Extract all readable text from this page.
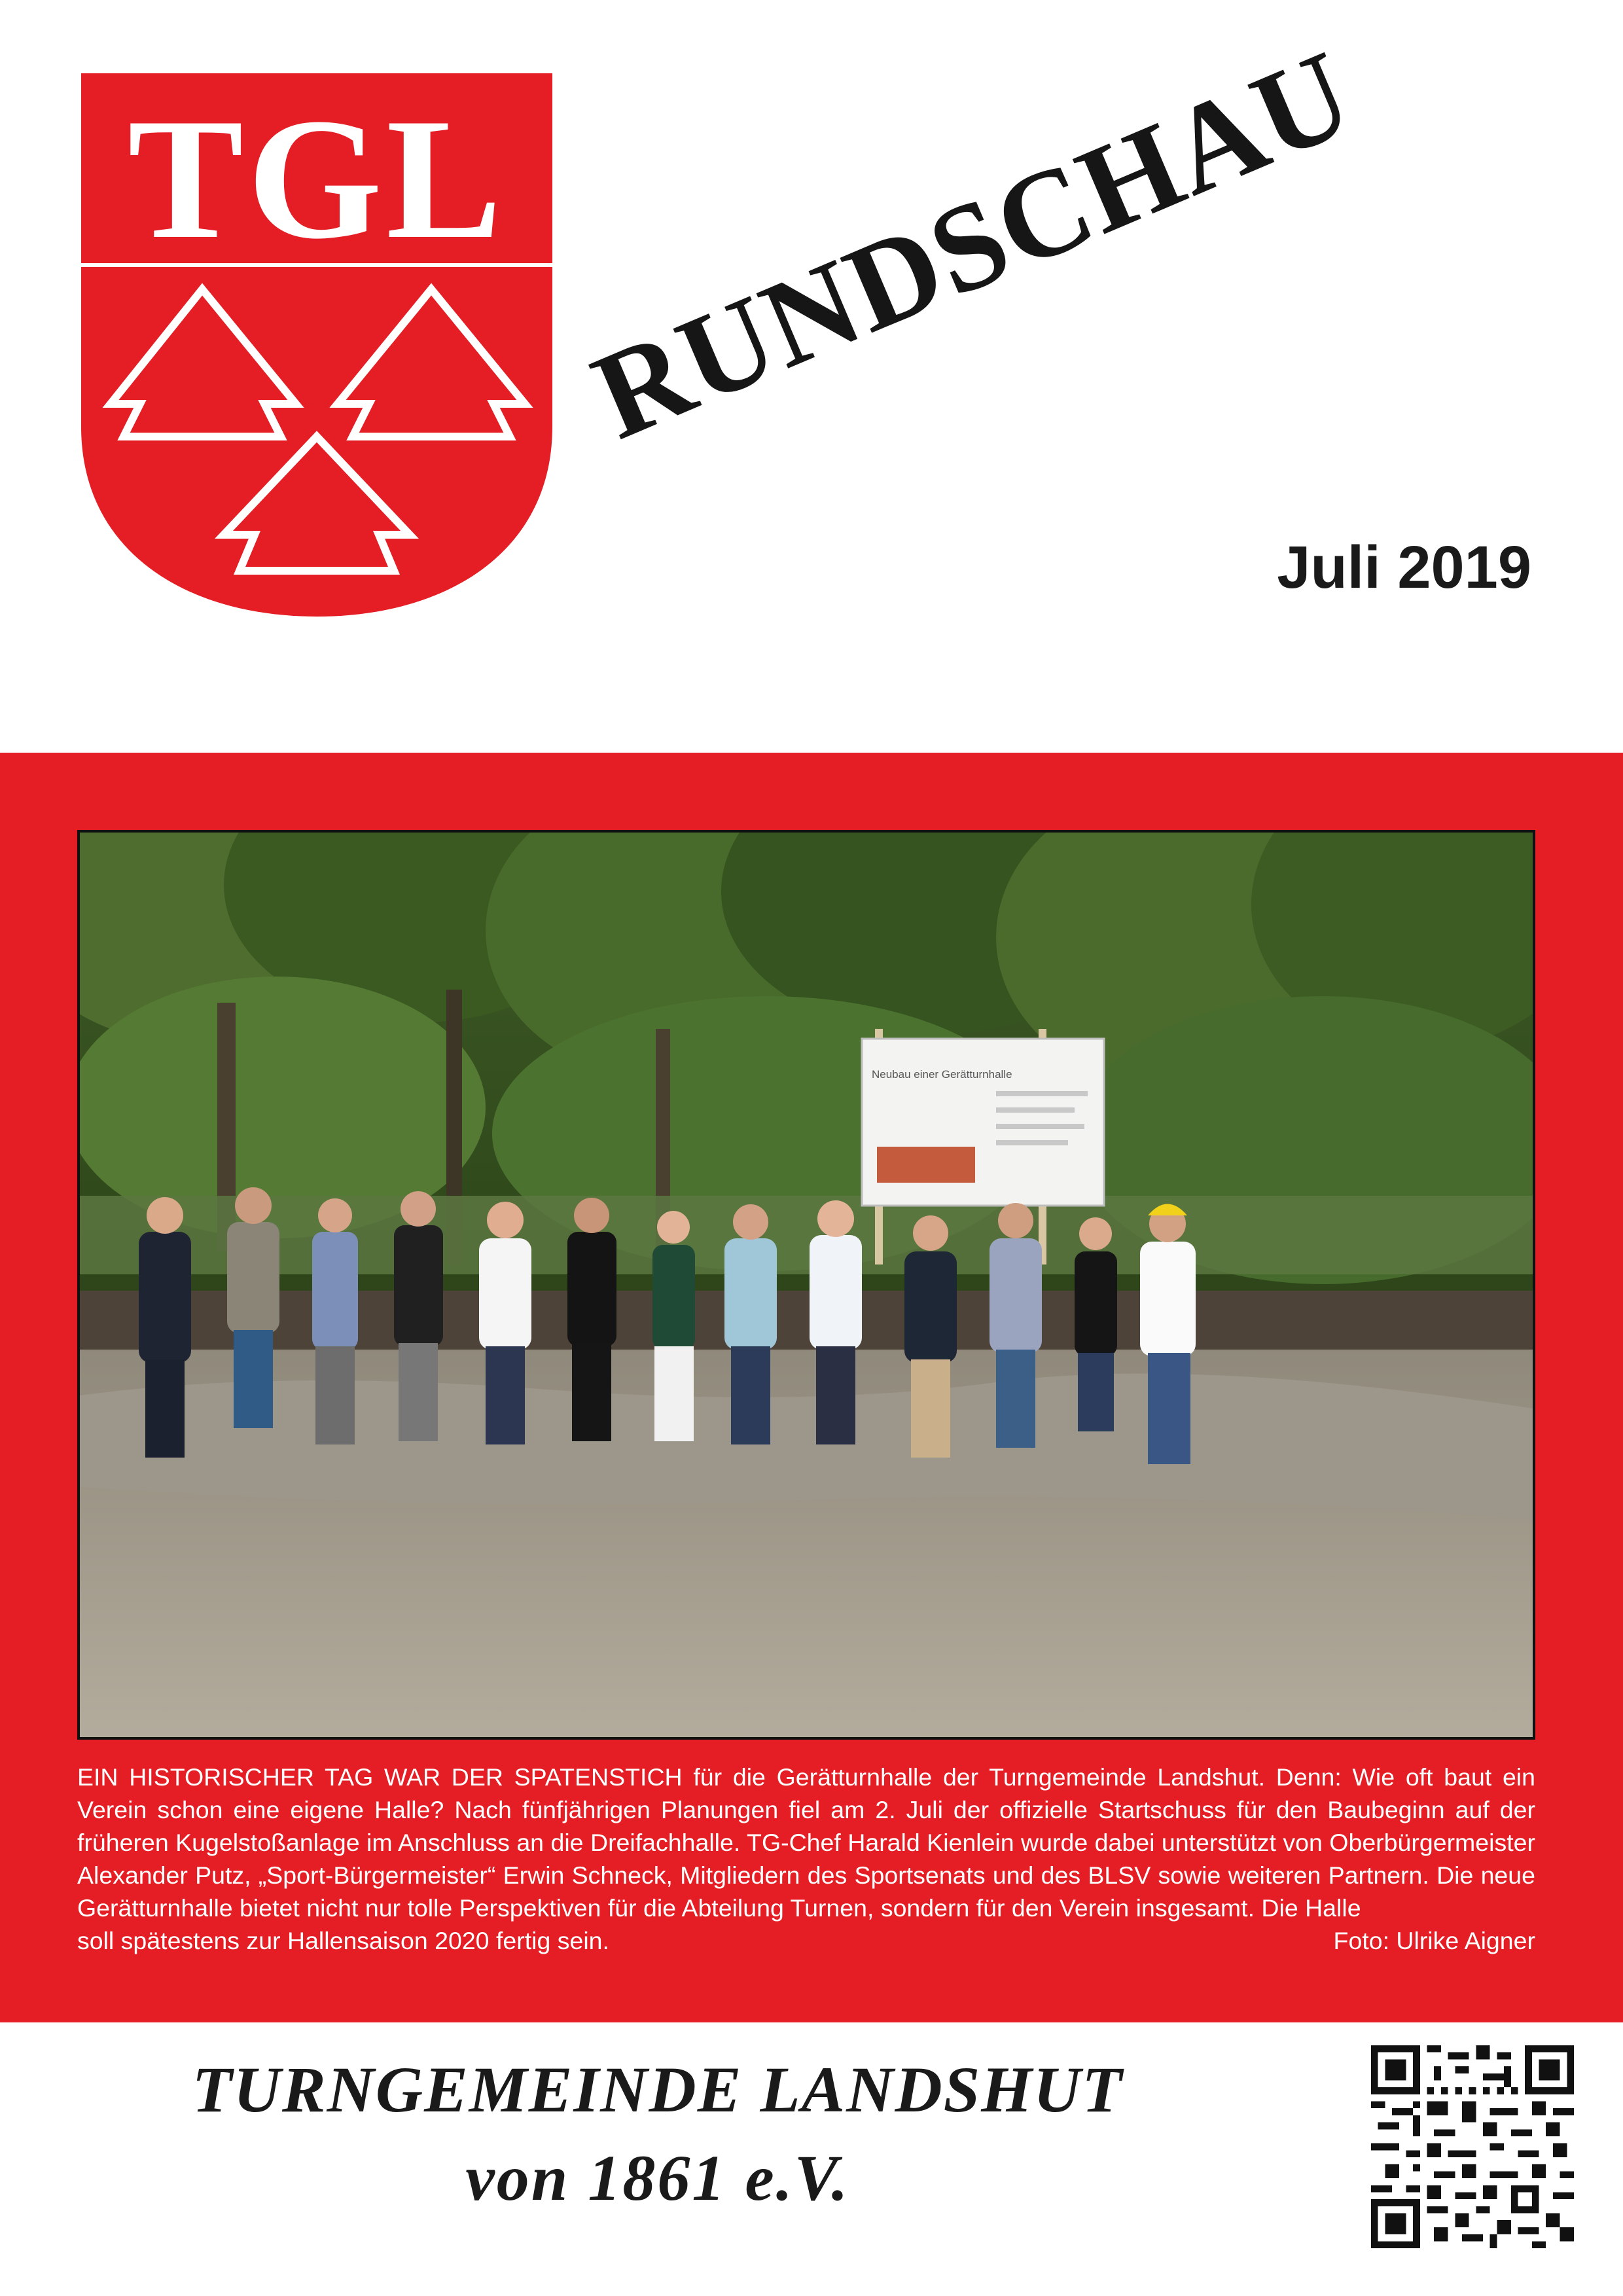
TGL RUNDSCHAU
Juli 2019
Neubau einer Gerätturnhalle
EIN HISTORISCHER TAG WAR DER SPATENSTICH für die Gerätturnhalle der Turngemeinde Landshut. Denn: Wie oft baut ein Verein schon eine eigene Halle? Nach fünfjährigen Planungen fiel am 2. Juli der offizielle Startschuss für den Baubeginn auf der früheren Kugelstoßanlage im Anschluss an die Dreifachhalle. TG-Chef Harald Kienlein wurde dabei unterstützt von Oberbürgermeister Alexander Putz, „Sport-Bürgermeister“ Erwin Schneck, Mitgliedern des Sportsenats und des BLSV sowie weiteren Partnern. Die neue Gerätturnhalle bietet nicht nur tolle Perspektiven für die Abteilung Turnen, sondern für den Verein insgesamt. Die Halle
soll spätestens zur Hallensaison 2020 fertig sein.	Foto: Ulrike Aigner
TURNGEMEINDE LANDSHUT
von 1861 e.V.
